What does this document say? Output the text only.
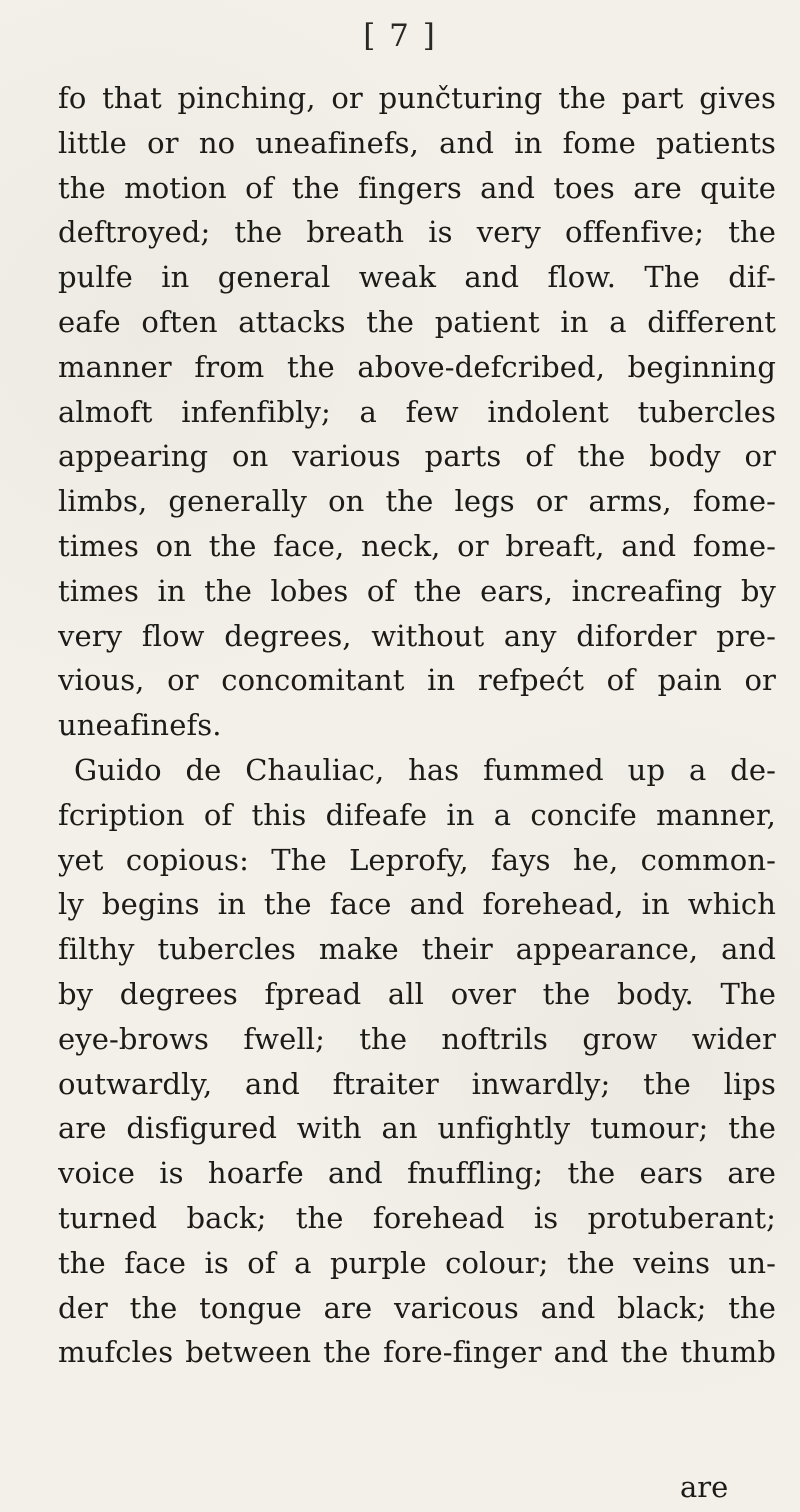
[ 7 ]
fo that pinching, or punčturing the part gives
little or no uneafinefs, and in fome patients
the motion of the fingers and toes are quite
deftroyed; the breath is very offenfive; the
pulfe in general weak and flow. The dif-
eafe often attacks the patient in a different
manner from the above-defcribed, beginning
almoft infenfibly; a few indolent tubercles
appearing on various parts of the body or
limbs, generally on the legs or arms, fome-
times on the face, neck, or breaft, and fome-
times in the lobes of the ears, increafing by
very flow degrees, without any diforder pre-
vious, or concomitant in refpećt of pain or
uneafinefs.
Guido de Chauliac, has fummed up a de-
fcription of this difeafe in a concife manner,
yet copious: The Leprofy, fays he, common-
ly begins in the face and forehead, in which
filthy tubercles make their appearance, and
by degrees fpread all over the body. The
eye-brows fwell; the noftrils grow wider
outwardly, and ftraiter inwardly; the lips
are disfigured with an unfightly tumour; the
voice is hoarfe and fnuffling; the ears are
turned back; the forehead is protuberant;
the face is of a purple colour; the veins un-
der the tongue are varicous and black; the
mufcles between the fore-finger and the thumb
are
